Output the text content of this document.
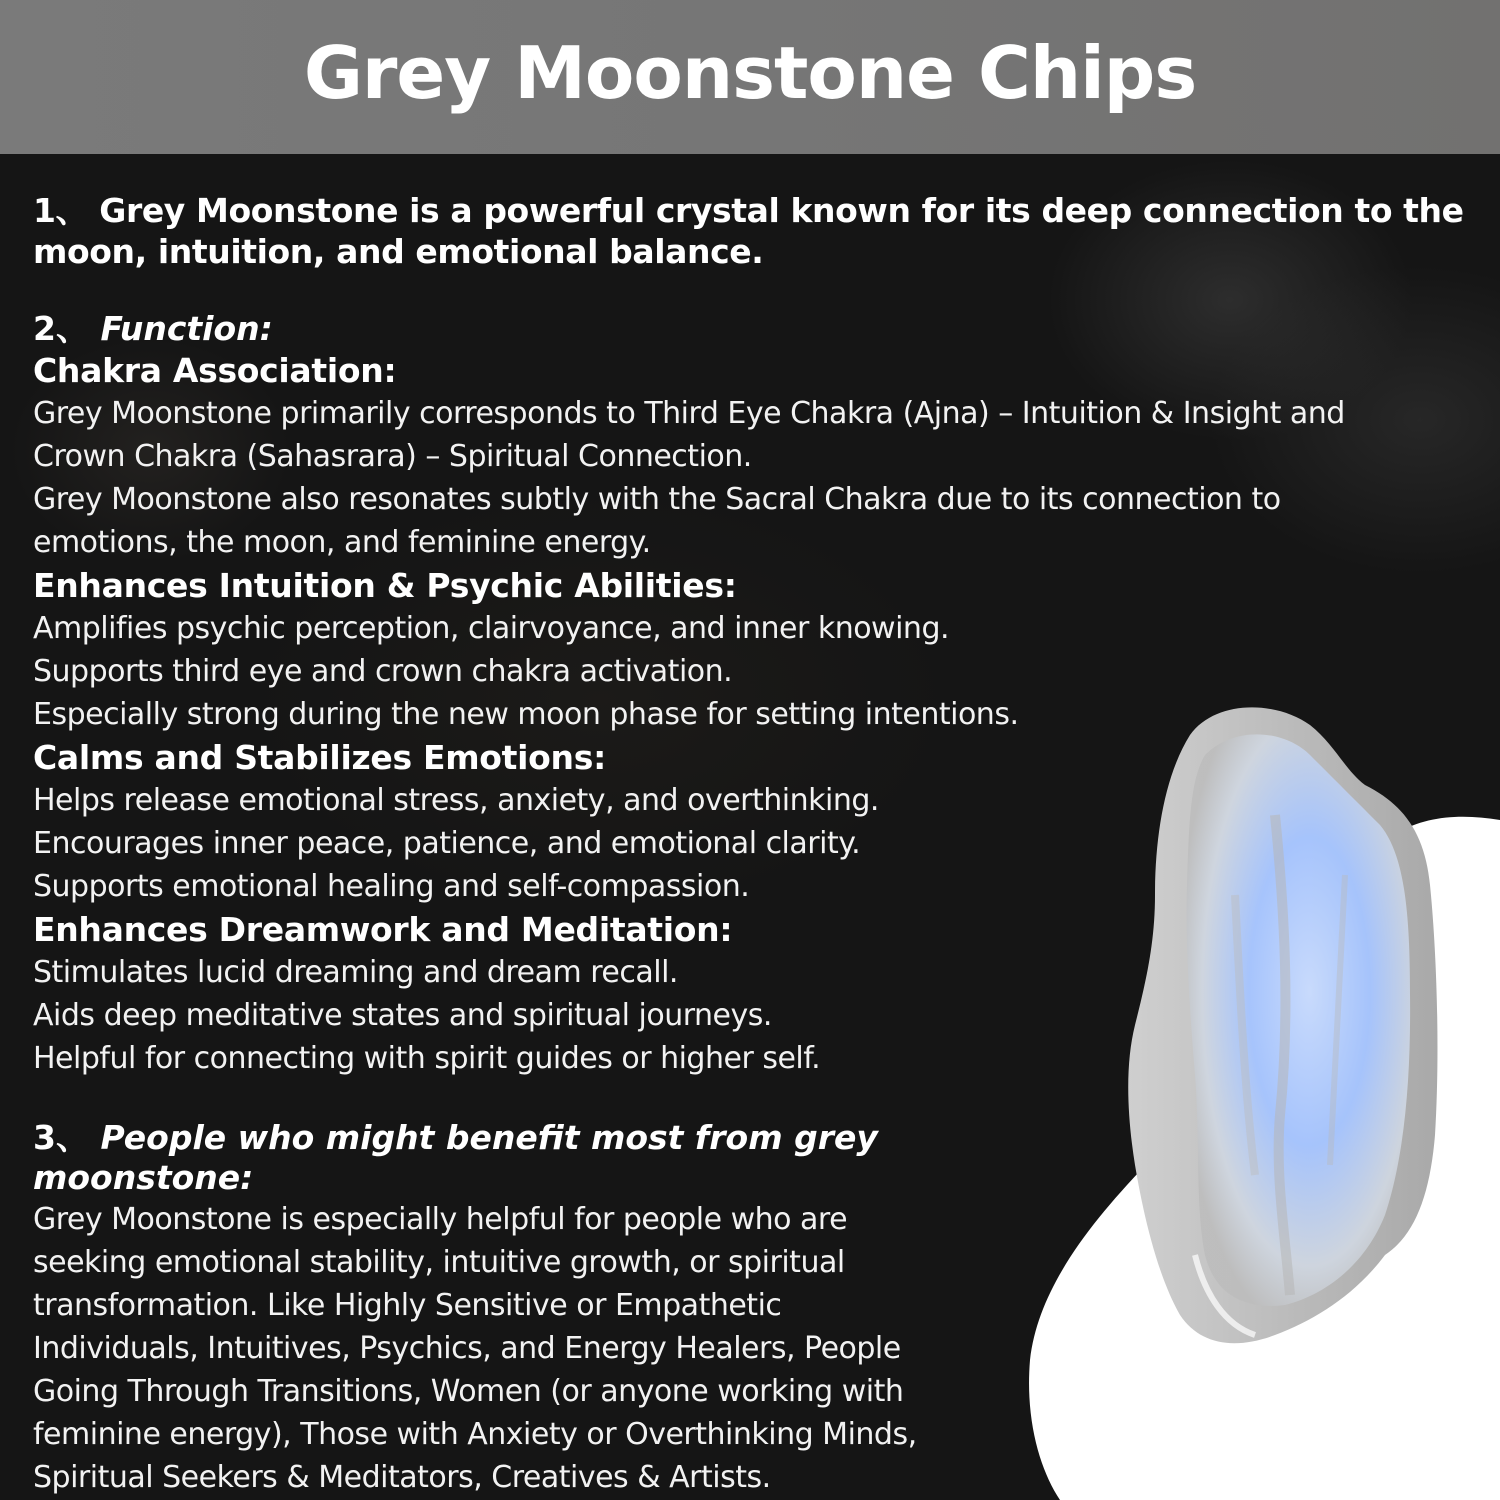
Grey Moonstone Chips

1、 Grey Moonstone is a powerful crystal known for its deep connection to the

moon, intuition, and emotional balance.

2、 Function:

Chakra Association:

Grey Moonstone primarily corresponds to Third Eye Chakra (Ajna) – Intuition & Insight and

Crown Chakra (Sahasrara) – Spiritual Connection.

Grey Moonstone also resonates subtly with the Sacral Chakra due to its connection to

emotions, the moon, and feminine energy.

Enhances Intuition & Psychic Abilities:

Amplifies psychic perception, clairvoyance, and inner knowing.

Supports third eye and crown chakra activation.

Especially strong during the new moon phase for setting intentions.

Calms and Stabilizes Emotions:

Helps release emotional stress, anxiety, and overthinking.

Encourages inner peace, patience, and emotional clarity.

Supports emotional healing and self-compassion.

Enhances Dreamwork and Meditation:

Stimulates lucid dreaming and dream recall.

Aids deep meditative states and spiritual journeys.

Helpful for connecting with spirit guides or higher self.

3、 People who might benefit most from grey moonstone:

Grey Moonstone is especially helpful for people who are

seeking emotional stability, intuitive growth, or spiritual

transformation. Like Highly Sensitive or Empathetic

Individuals, Intuitives, Psychics, and Energy Healers, People

Going Through Transitions, Women (or anyone working with

feminine energy), Those with Anxiety or Overthinking Minds,

Spiritual Seekers & Meditators, Creatives & Artists.
